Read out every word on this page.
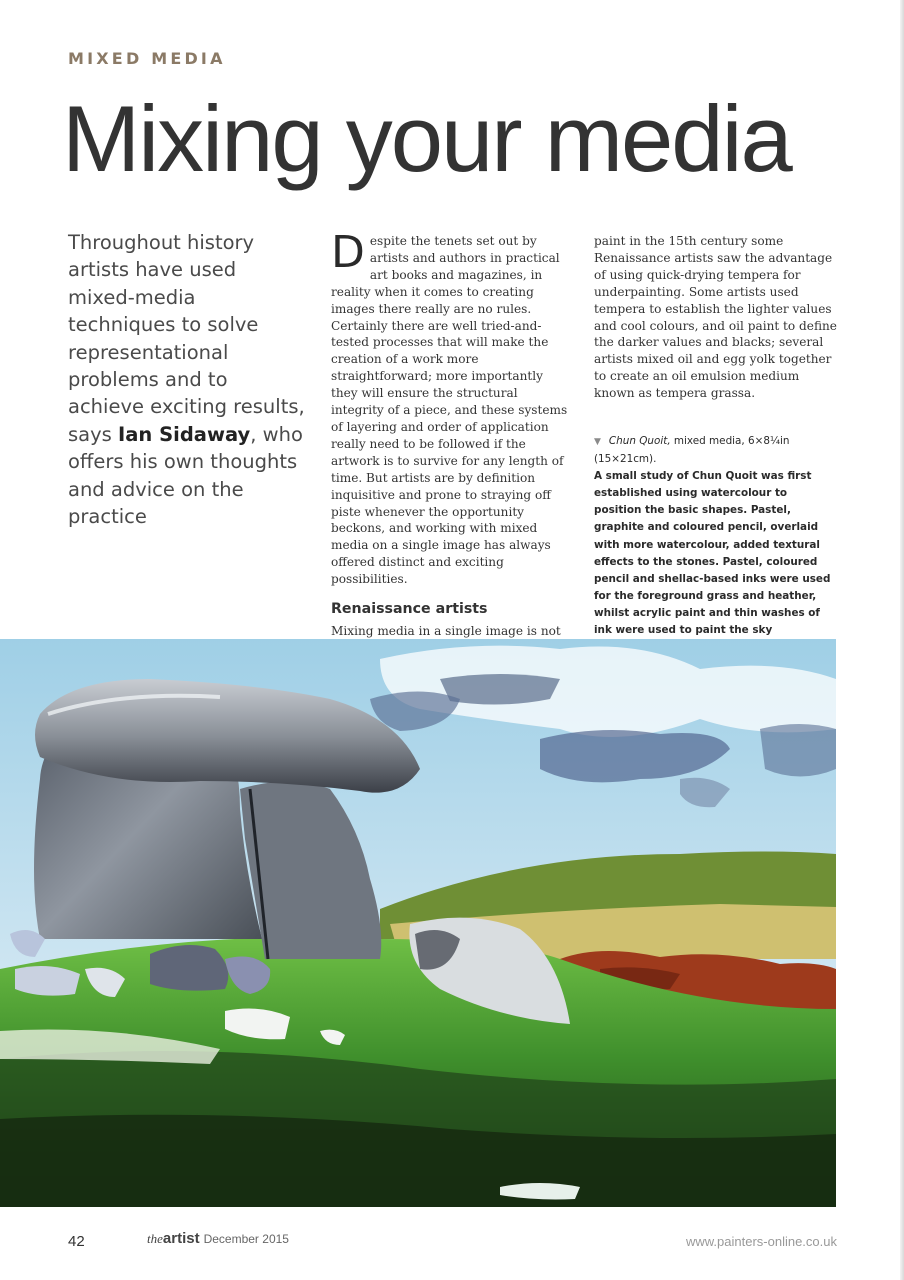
MIXED MEDIA
Mixing your media
Throughout history artists have used mixed-media techniques to solve representational problems and to achieve exciting results, says Ian Sidaway, who offers his own thoughts and advice on the practice

Despite the tenets set out by artists and authors in practical art books and magazines, in reality when it comes to creating images there really are no rules. Certainly there are well tried-and-tested processes that will make the creation of a work more straightforward; more importantly they will ensure the structural integrity of a piece, and these systems of layering and order of application really need to be followed if the artwork is to survive for any length of time. But artists are by definition inquisitive and prone to straying off piste whenever the opportunity beckons, and working with mixed media on a single image has always offered distinct and exciting possibilities.

Renaissance artists

Mixing media in a single image is not

paint in the 15th century some Renaissance artists saw the advantage of using quick-drying tempera for underpainting. Some artists used tempera to establish the lighter values and cool colours, and oil paint to define the darker values and blacks; several artists mixed oil and egg yolk together to create an oil emulsion medium known as tempera grassa.

▼ Chun Quoit, mixed media, 6×8¼in (15×21cm).
A small study of Chun Quoit was first established using watercolour to position the basic shapes. Pastel, graphite and coloured pencil, overlaid with more watercolour, added textural effects to the stones. Pastel, coloured pencil and shellac-based inks were used for the foreground grass and heather, whilst acrylic paint and thin washes of ink were used to paint the sky
42	theartist December 2015	www.painters-online.co.uk
